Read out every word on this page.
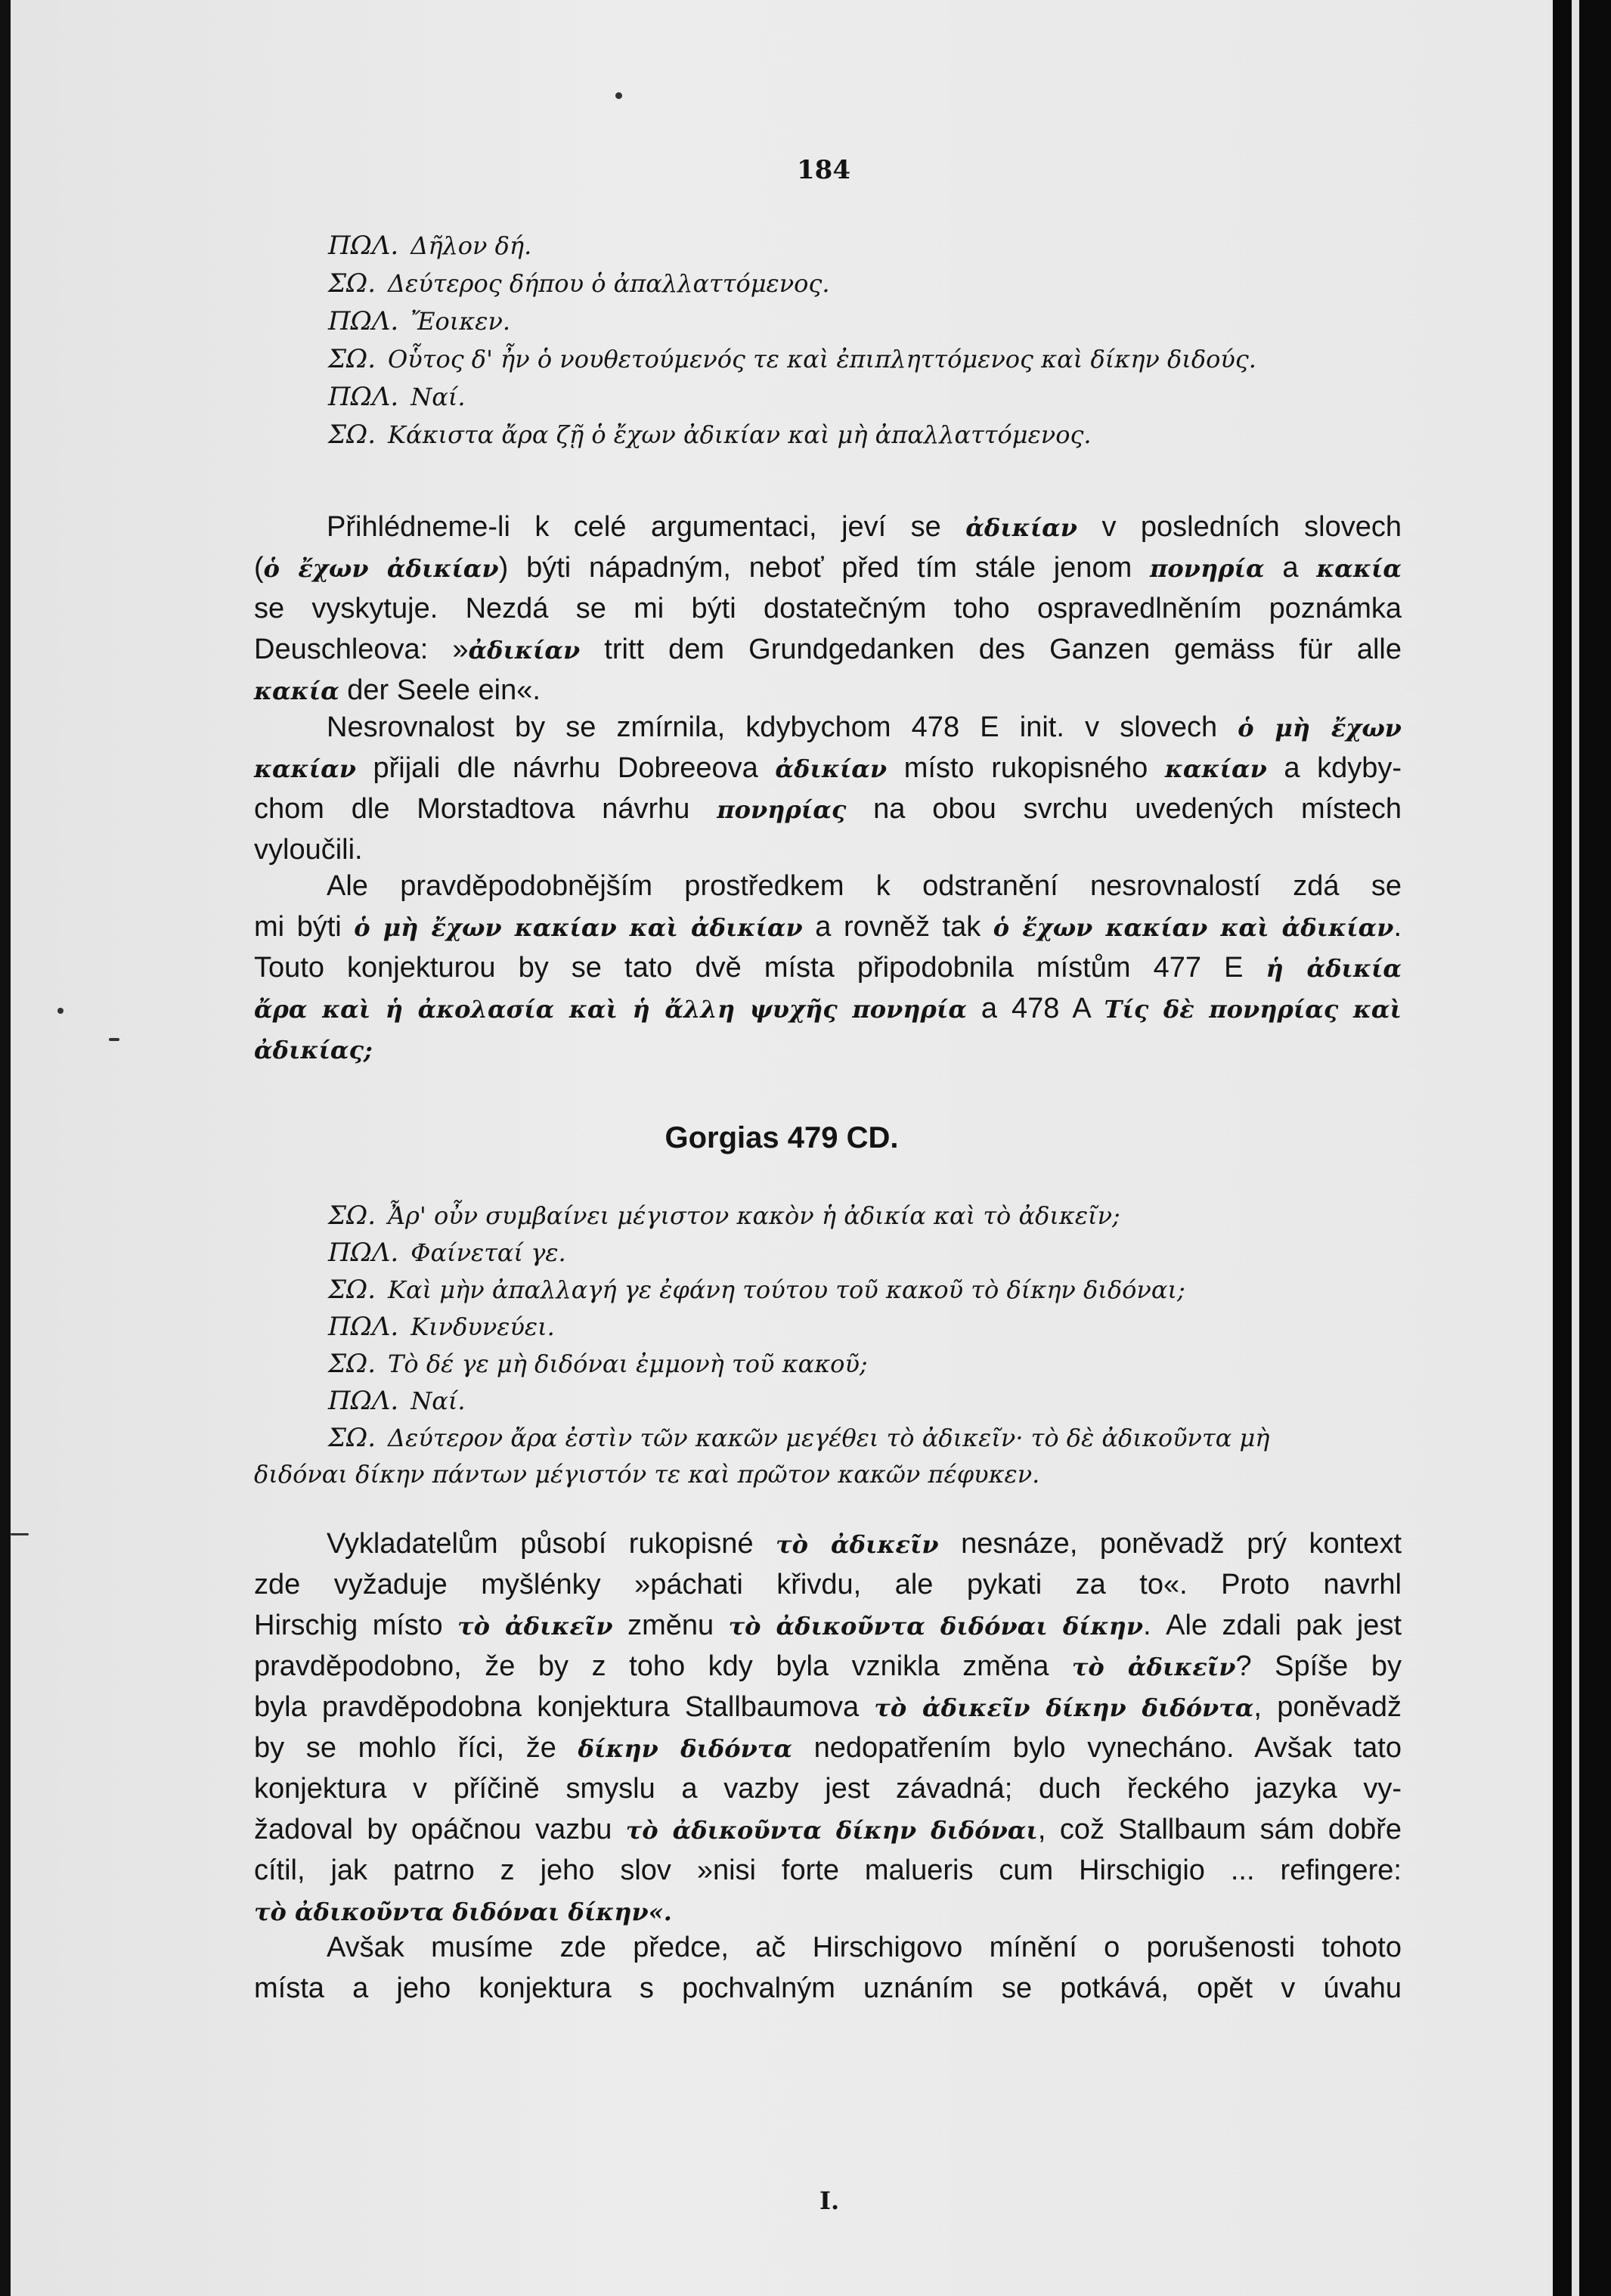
184
ΠΩΛ. Δῆλον δή.
ΣΩ. Δεύτερος δήπου ὁ ἀπαλλαττόμενος.
ΠΩΛ. Ἔοικεν.
ΣΩ. Οὗτος δ' ἦν ὁ νουθετούμενός τε καὶ ἐπιπληττόμενος καὶ δίκην διδούς.
ΠΩΛ. Ναί.
ΣΩ. Κάκιστα ἄρα ζῇ ὁ ἔχων ἀδικίαν καὶ μὴ ἀπαλλαττόμενος.
Přihlédneme-li k celé argumentaci, jeví se ἀδικίαν v posledních slovech
(ὁ ἔχων ἀδικίαν) býti nápadným, neboť před tím stále jenom πονηρία a κακία
se vyskytuje. Nezdá se mi býti dostatečným toho ospravedlněním poznámka
Deuschleova: »ἀδικίαν tritt dem Grundgedanken des Ganzen gemäss für alle
κακία der Seele ein«.
Nesrovnalost by se zmírnila, kdybychom 478 E init. v slovech ὁ μὴ ἔχων
κακίαν přijali dle návrhu Dobreeova ἀδικίαν místo rukopisného κακίαν a kdyby-
chom dle Morstadtova návrhu πονηρίας na obou svrchu uvedených místech
vyloučili.
Ale pravděpodobnějším prostředkem k odstranění nesrovnalostí zdá se
mi býti ὁ μὴ ἔχων κακίαν καὶ ἀδικίαν a rovněž tak ὁ ἔχων κακίαν καὶ ἀδικίαν.
Touto konjekturou by se tato dvě místa připodobnila místům 477 E ἡ ἀδικία
ἄρα καὶ ἡ ἀκολασία καὶ ἡ ἄλλη ψυχῆς πονηρία a 478 A Τίς δὲ πονηρίας καὶ
ἀδικίας;
Gorgias 479 CD.
ΣΩ. Ἆρ' οὖν συμβαίνει μέγιστον κακὸν ἡ ἀδικία καὶ τὸ ἀδικεῖν;
ΠΩΛ. Φαίνεταί γε.
ΣΩ. Καὶ μὴν ἀπαλλαγή γε ἐφάνη τούτου τοῦ κακοῦ τὸ δίκην διδόναι;
ΠΩΛ. Κινδυνεύει.
ΣΩ. Τὸ δέ γε μὴ διδόναι ἐμμονὴ τοῦ κακοῦ;
ΠΩΛ. Ναί.
ΣΩ. Δεύτερον ἄρα ἐστὶν τῶν κακῶν μεγέθει τὸ ἀδικεῖν· τὸ δὲ ἀδικοῦντα μὴ
διδόναι δίκην πάντων μέγιστόν τε καὶ πρῶτον κακῶν πέφυκεν.
Vykladatelům působí rukopisné τὸ ἀδικεῖν nesnáze, poněvadž prý kontext
zde vyžaduje myšlénky »páchati křivdu, ale pykati za to«. Proto navrhl
Hirschig místo τὸ ἀδικεῖν změnu τὸ ἀδικοῦντα διδόναι δίκην. Ale zdali pak jest
pravděpodobno, že by z toho kdy byla vznikla změna τὸ ἀδικεῖν? Spíše by
byla pravděpodobna konjektura Stallbaumova τὸ ἀδικεῖν δίκην διδόντα, poněvadž
by se mohlo říci, že δίκην διδόντα nedopatřením bylo vynecháno. Avšak tato
konjektura v příčině smyslu a vazby jest závadná; duch řeckého jazyka vy-
žadoval by opáčnou vazbu τὸ ἀδικοῦντα δίκην διδόναι, což Stallbaum sám dobře
cítil, jak patrno z jeho slov »nisi forte malueris cum Hirschigio ... refingere:
τὸ ἀδικοῦντα διδόναι δίκην«.
Avšak musíme zde předce, ač Hirschigovo mínění o porušenosti tohoto
místa a jeho konjektura s pochvalným uznáním se potkává, opět v úvahu
I.
